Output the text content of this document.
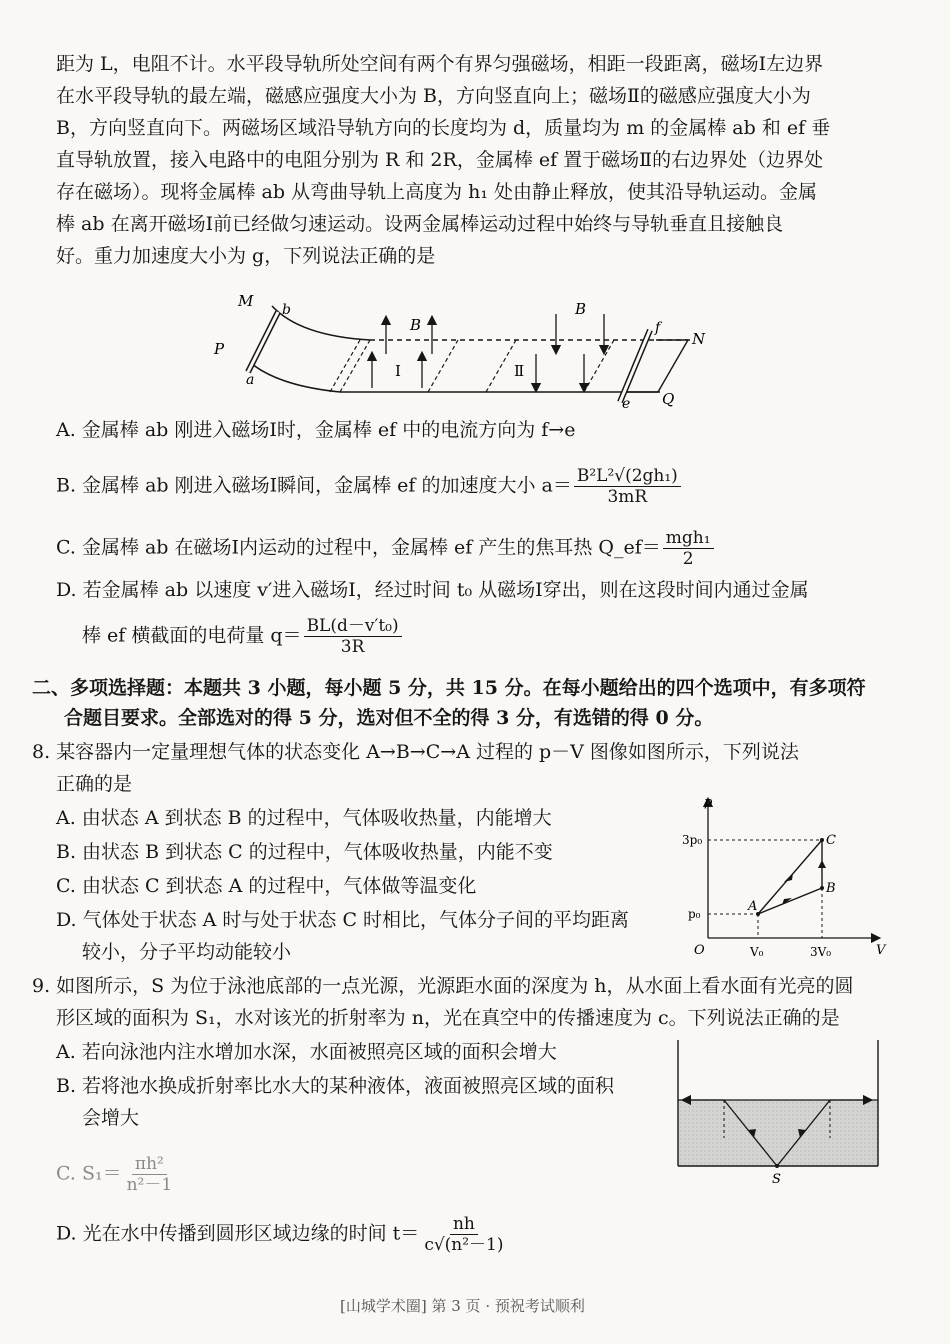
距为 L，电阻不计。水平段导轨所处空间有两个有界匀强磁场，相距一段距离，磁场Ⅰ左边界
在水平段导轨的最左端，磁感应强度大小为 B，方向竖直向上；磁场Ⅱ的磁感应强度大小为
B，方向竖直向下。两磁场区域沿导轨方向的长度均为 d，质量均为 m 的金属棒 ab 和 ef 垂
直导轨放置，接入电路中的电阻分别为 R 和 2R，金属棒 ef 置于磁场Ⅱ的右边界处（边界处
存在磁场）。现将金属棒 ab 从弯曲导轨上高度为 h₁ 处由静止释放，使其沿导轨运动。金属
棒 ab 在离开磁场Ⅰ前已经做匀速运动。设两金属棒运动过程中始终与导轨垂直且接触良
好。重力加速度大小为 g，下列说法正确的是
M b
P
a
B
Ⅰ
B
Ⅱ
f
N
e Q
A. 金属棒 ab 刚进入磁场Ⅰ时，金属棒 ef 中的电流方向为 f→e
B. 金属棒 ab 刚进入磁场Ⅰ瞬间，金属棒 ef 的加速度大小 $a= \frac{\text{B²L²√(2gh₁)}}{3mR}$
C. 金属棒 ab 在磁场Ⅰ内运动的过程中，金属棒 ef 产生的焦耳热 Q_ef＝ $\frac{\text{mgh₁}}{2}$
D. 若金属棒 ab 以速度 v′进入磁场Ⅰ，经过时间 t₀ 从磁场Ⅰ穿出，则在这段时间内通过金属
棒 ef 横截面的电荷量 $q= \frac{\text{BL(d－v′t₀)}}{3R}$
二、多项选择题：本题共 3 小题，每小题 5 分，共 15 分。在每小题给出的四个选项中，有多项符
合题目要求。全部选对的得 5 分，选对但不全的得 3 分，有选错的得 0 分。
8. 某容器内一定量理想气体的状态变化 A→B→C→A 过程的 p－V 图像如图所示，下列说法
正确的是
A. 由状态 A 到状态 B 的过程中，气体吸收热量，内能增大
B. 由状态 B 到状态 C 的过程中，气体吸收热量，内能不变
C. 由状态 C 到状态 A 的过程中，气体做等温变化
D. 气体处于状态 A 时与处于状态 C 时相比，气体分子间的平均距离
较小，分子平均动能较小
p
V
O
3p₀
p₀
V₀	3V₀
A
B
C
9. 如图所示，S 为位于泳池底部的一点光源，光源距水面的深度为 h，从水面上看水面有光亮的圆
形区域的面积为 S₁，水对该光的折射率为 n，光在真空中的传播速度为 c。下列说法正确的是
A. 若向泳池内注水增加水深，水面被照亮区域的面积会增大
B. 若将池水换成折射率比水大的某种液体，液面被照亮区域的面积
会增大
C. $S_1= \frac{\text{πh²}}{\text{n²－1}}$
D. 光在水中传播到圆形区域边缘的时间 $t= \frac{nh}{\text{c√(n²－1)}}$
S
[山城学术圈] 第 3 页 · 预祝考试顺利
